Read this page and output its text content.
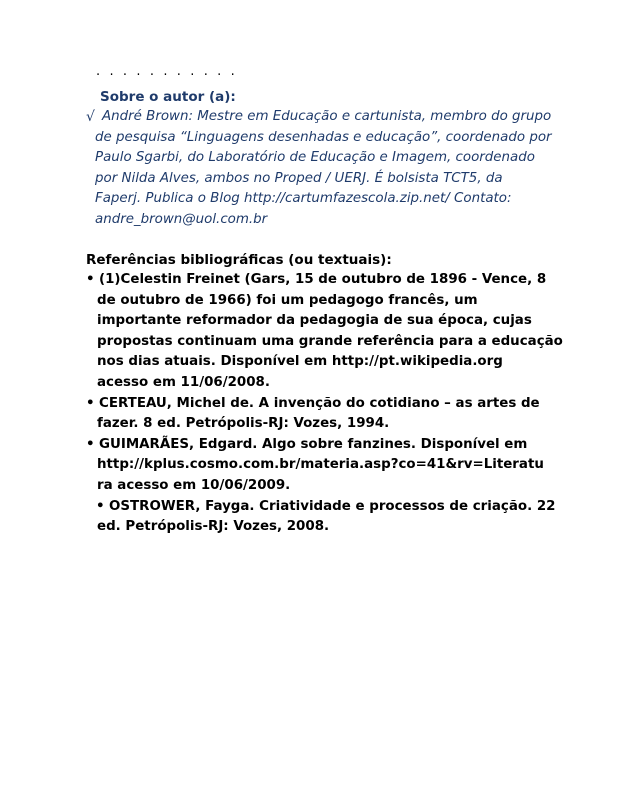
. . . . . . . . . . .
Sobre o autor (a):
√ André Brown: Mestre em Educação e cartunista, membro do grupo
de pesquisa “Linguagens desenhadas e educação”, coordenado por
Paulo Sgarbi, do Laboratório de Educação e Imagem, coordenado
por Nilda Alves, ambos no Proped / UERJ. É bolsista TCT5, da
Faperj. Publica o Blog http://cartumfazescola.zip.net/ Contato:
andre_brown@uol.com.br
Referências bibliográficas (ou textuais):
• (1)Celestin Freinet (Gars, 15 de outubro de 1896 - Vence, 8
de outubro de 1966) foi um pedagogo francês, um
importante reformador da pedagogia de sua época, cujas
propostas continuam uma grande referência para a educação
nos dias atuais. Disponível em http://pt.wikipedia.org
acesso em 11/06/2008.
• CERTEAU, Michel de. A invenção do cotidiano – as artes de
fazer. 8 ed. Petrópolis-RJ: Vozes, 1994.
• GUIMARÃES, Edgard. Algo sobre fanzines. Disponível em
http://kplus.cosmo.com.br/materia.asp?co=41&rv=Literatu
ra acesso em 10/06/2009.
• OSTROWER, Fayga. Criatividade e processos de criação. 22
ed. Petrópolis-RJ: Vozes, 2008.
